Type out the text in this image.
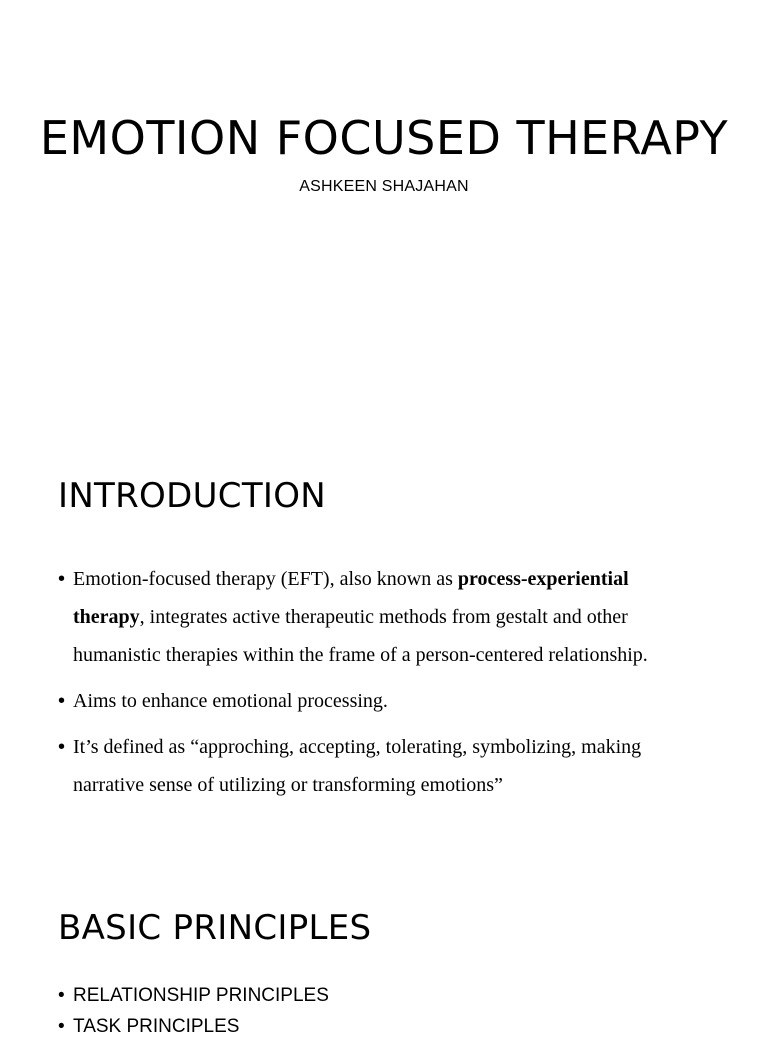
EMOTION FOCUSED THERAPY
ASHKEEN SHAJAHAN
INTRODUCTION
• Emotion-focused therapy (EFT), also known as process-experiential therapy, integrates active therapeutic methods from gestalt and other humanistic therapies within the frame of a person-centered relationship.
• Aims to enhance emotional processing.
• It’s defined as “approching, accepting, tolerating, symbolizing, making narrative sense of utilizing or transforming emotions”
BASIC PRINCIPLES
• RELATIONSHIP PRINCIPLES
• TASK PRINCIPLES
